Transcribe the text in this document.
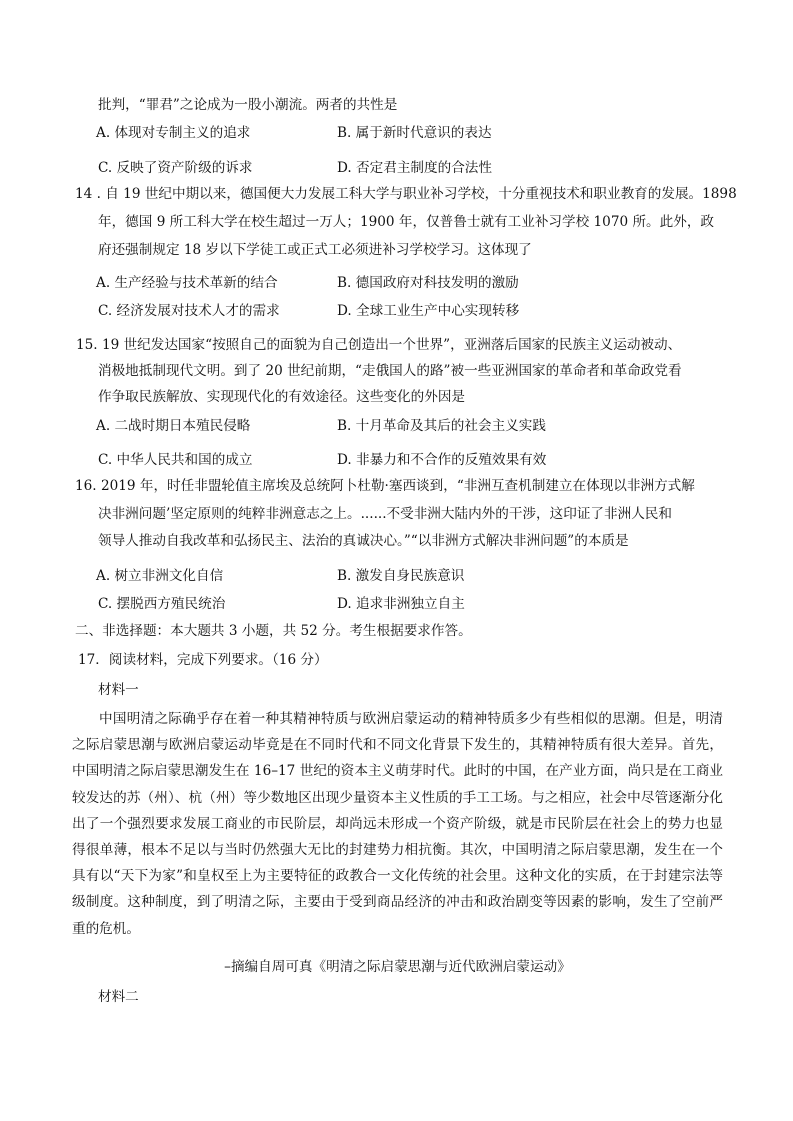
批判，“罪君”之论成为一股小潮流。两者的共性是
A. 体现对专制主义的追求	B. 属于新时代意识的表达
C. 反映了资产阶级的诉求	D. 否定君主制度的合法性
14 . 自 19 世纪中期以来，德国便大力发展工科大学与职业补习学校，十分重视技术和职业教育的发展。1898
年，德国 9 所工科大学在校生超过一万人；1900 年，仅普鲁士就有工业补习学校 1070 所。此外，政
府还强制规定 18 岁以下学徒工或正式工必须进补习学校学习。这体现了
A. 生产经验与技术革新的结合	B. 德国政府对科技发明的激励
C. 经济发展对技术人才的需求	D. 全球工业生产中心实现转移
15. 19 世纪发达国家“按照自己的面貌为自己创造出一个世界”，亚洲落后国家的民族主义运动被动、
消极地抵制现代文明。到了 20 世纪前期，“走俄国人的路”被一些亚洲国家的革命者和革命政党看
作争取民族解放、实现现代化的有效途径。这些变化的外因是
A. 二战时期日本殖民侵略	B. 十月革命及其后的社会主义实践
C. 中华人民共和国的成立	D. 非暴力和不合作的反殖效果有效
16. 2019 年，时任非盟轮值主席埃及总统阿卜杜勒·塞西谈到，“非洲互查机制建立在体现以非洲方式解
决非洲问题’坚定原则的纯粹非洲意志之上。......不受非洲大陆内外的干涉，这印证了非洲人民和
领导人推动自我改革和弘扬民主、法治的真诚决心。”“以非洲方式解决非洲问题”的本质是
A. 树立非洲文化自信	B. 激发自身民族意识
C. 摆脱西方殖民统治	D. 追求非洲独立自主
二、非选择题：本大题共 3 小题，共 52 分。考生根据要求作答。
17．阅读材料，完成下列要求。（16 分）
材料一
中国明清之际确乎存在着一种其精神特质与欧洲启蒙运动的精神特质多少有些相似的思潮。但是，明清之际启蒙思潮与欧洲启蒙运动毕竟是在不同时代和不同文化背景下发生的，其精神特质有很大差异。首先，中国明清之际启蒙思潮发生在 16–17 世纪的资本主义萌芽时代。此时的中国，在产业方面，尚只是在工商业较发达的苏（州）、杭（州）等少数地区出现少量资本主义性质的手工工场。与之相应，社会中尽管逐渐分化出了一个强烈要求发展工商业的市民阶层，却尚远未形成一个资产阶级，就是市民阶层在社会上的势力也显得很单薄，根本不足以与当时仍然强大无比的封建势力相抗衡。其次，中国明清之际启蒙思潮，发生在一个具有以“天下为家”和皇权至上为主要特征的政教合一文化传统的社会里。这种文化的实质，在于封建宗法等级制度。这种制度，到了明清之际，主要由于受到商品经济的冲击和政治剧变等因素的影响，发生了空前严重的危机。
–摘编自周可真《明清之际启蒙思潮与近代欧洲启蒙运动》
材料二
